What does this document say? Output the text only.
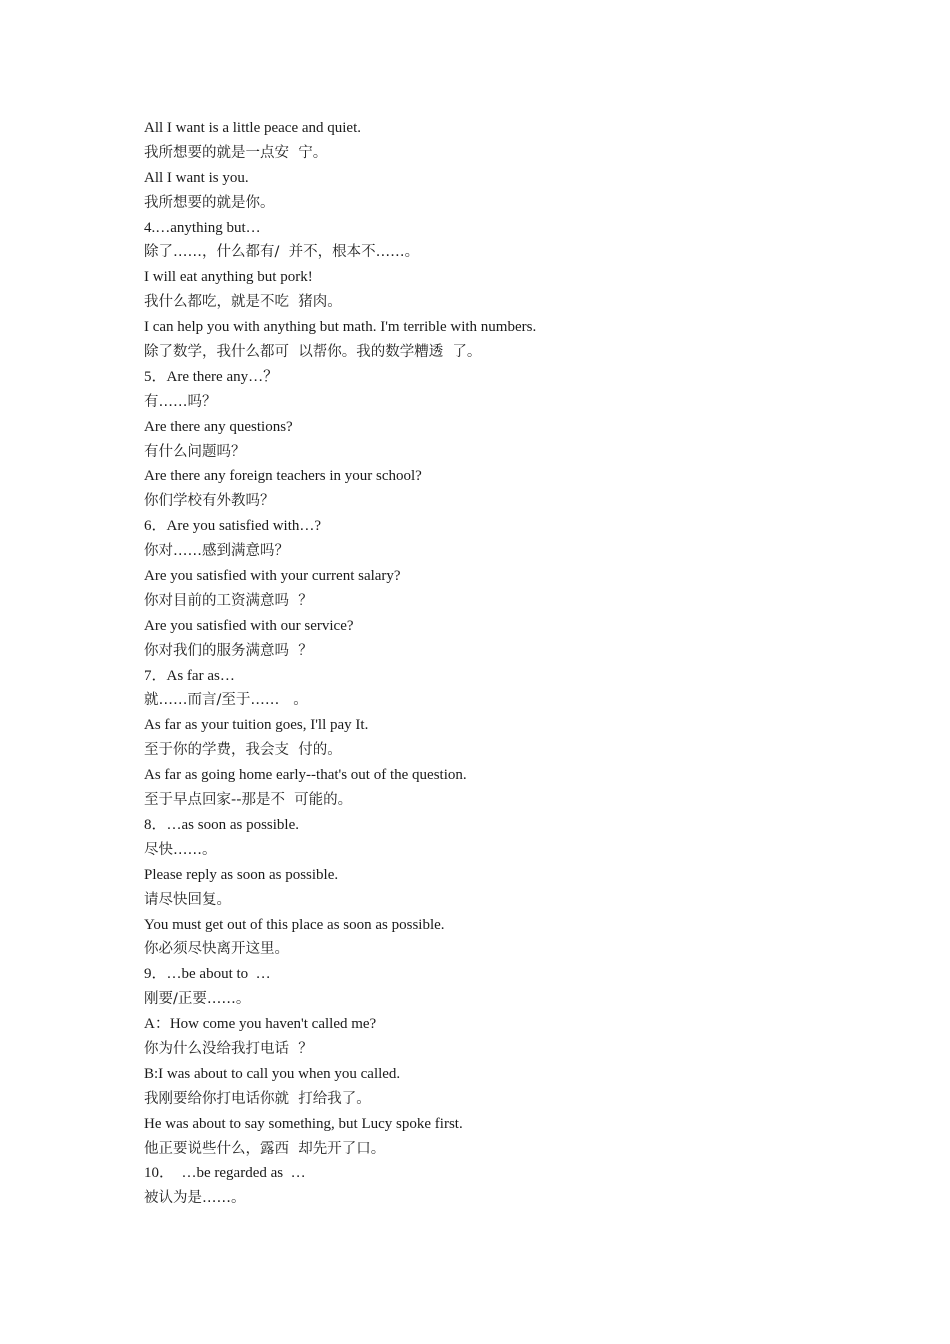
All I want is a little peace and quiet.
我所想要的就是一点安  宁。
All I want is you.
我所想要的就是你。
4.…anything but…
除了……，什么都有/  并不，根本不……。
I will eat anything but pork!
我什么都吃，就是不吃  猪肉。
I can help you with anything but math. I'm terrible with numbers.
除了数学，我什么都可  以帮你。我的数学糟透  了。
5．Are there any…？
有……吗？
Are there any questions?
有什么问题吗？
Are there any foreign teachers in your school?
你们学校有外教吗？
6．Are you satisfied with…?
你对……感到满意吗？
Are you satisfied with your current salary?
你对目前的工资满意吗  ？
Are you satisfied with our service?
你对我们的服务满意吗  ？
7．As far as…
就……而言/至于……   。
As far as your tuition goes, I'll pay It.
至于你的学费，我会支  付的。
As far as going home early--that's out of the question.
至于早点回家--那是不  可能的。
8．…as soon as possible.
尽快……。
Please reply as soon as possible.
请尽快回复。
You must get out of this place as soon as possible.
你必须尽快离开这里。
9．…be about to  …
刚要/正要……。
A：How come you haven't called me?
你为什么没给我打电话  ？
B:I was about to call you when you called.
我刚要给你打电话你就  打给我了。
He was about to say something, but Lucy spoke first.
他正要说些什么，露西  却先开了口。
10．  …be regarded as  …
被认为是……。
